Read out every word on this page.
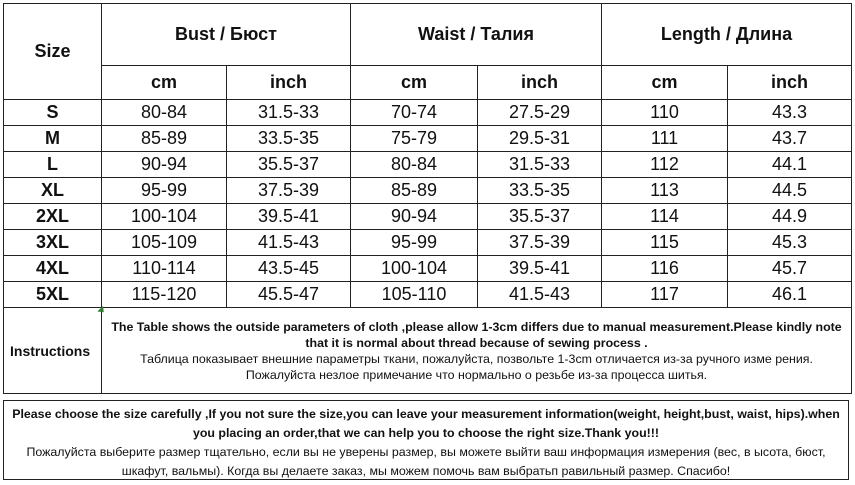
Size	Bust / Бюст		Waist / Талия		Length / Длина	
	cm	inch	cm	inch	cm	inch
S	80-84	31.5-33	70-74	27.5-29	110	43.3
M	85-89	33.5-35	75-79	29.5-31	111	43.7
L	90-94	35.5-37	80-84	31.5-33	112	44.1
XL	95-99	37.5-39	85-89	33.5-35	113	44.5
2XL	100-104	39.5-41	90-94	35.5-37	114	44.9
3XL	105-109	41.5-43	95-99	37.5-39	115	45.3
4XL	110-114	43.5-45	100-104	39.5-41	116	45.7
5XL	115-120	45.5-47	105-110	41.5-43	117	46.1
Instructions	The Table shows the outside parameters of cloth ,please allow 1-3cm differs due to manual measurement.Please kindly note that it is normal about thread because of sewing process .

Таблица показывает внешние параметры ткани, пожалуйста, позвольте 1-3cm отличается из-за ручного изме рения. Пожалуйста незлое примечание что нормально о резьбе из-за процесса шитья.					

Please choose the size carefully ,If you not sure the size,you can leave your measurement information(weight, height,bust, waist, hips).when you placing an order,that we can help you to choose the right size.Thank you!!!

Пожалуйста выберите размер тщательно, если вы не уверены размер, вы можете выйти ваш информация измерения (вес, в ысота, бюст, шкафут, вальмы). Когда вы делаете заказ, мы можем помочь вам выбратьп равильный размер. Спасибо!
